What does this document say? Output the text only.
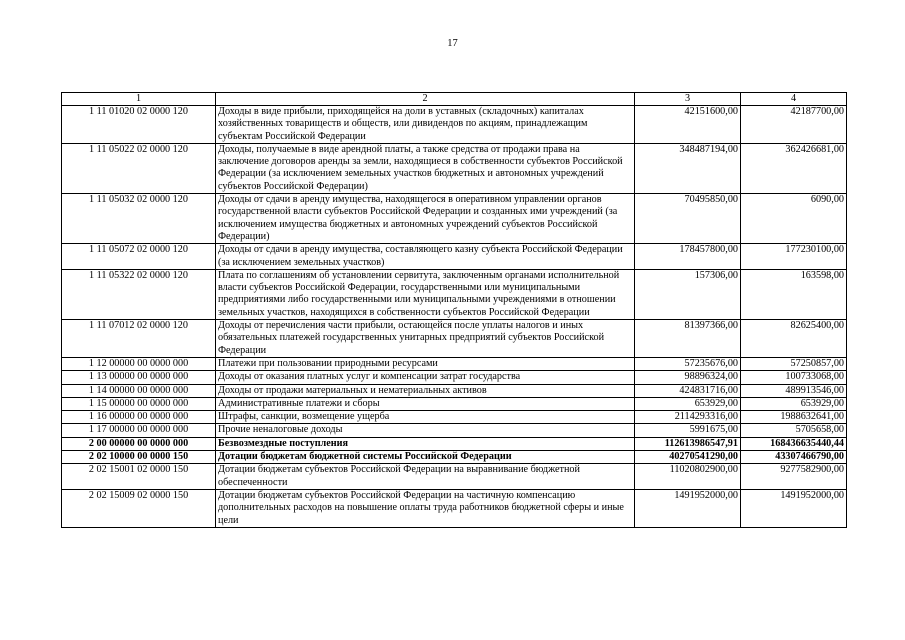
17
1	2	3	4
1 11 01020 02 0000 120	Доходы в виде прибыли, приходящейся на доли в уставных (складочных) капиталах хозяйственных товариществ и обществ, или дивидендов по акциям, принадлежащим субъектам Российской Федерации	42151600,00	42187700,00
1 11 05022 02 0000 120	Доходы, получаемые в виде арендной платы, а также средства от продажи права на заключение договоров аренды за земли, находящиеся в собственности субъектов Российской Федерации (за исключением земельных участков бюджетных и автономных учреждений субъектов Российской Федерации)	348487194,00	362426681,00
1 11 05032 02 0000 120	Доходы от сдачи в аренду имущества, находящегося в оперативном управлении органов государственной власти субъектов Российской Федерации и созданных ими учреждений (за исключением имущества бюджетных и автономных учреждений субъектов Российской Федерации)	70495850,00	6090,00
1 11 05072 02 0000 120	Доходы от сдачи в аренду имущества, составляющего казну субъекта Российской Федерации (за исключением земельных участков)	178457800,00	177230100,00
1 11 05322 02 0000 120	Плата по соглашениям об установлении сервитута, заключенным органами исполнительной власти субъектов Российской Федерации, государственными или муниципальными предприятиями либо государственными или муниципальными учреждениями в отношении земельных участков, находящихся в собственности субъектов Российской Федерации	157306,00	163598,00
1 11 07012 02 0000 120	Доходы от перечисления части прибыли, остающейся после уплаты налогов и иных обязательных платежей государственных унитарных предприятий субъектов Российской Федерации	81397366,00	82625400,00
1 12 00000 00 0000 000	Платежи при пользовании природными ресурсами	57235676,00	57250857,00
1 13 00000 00 0000 000	Доходы от оказания платных услуг и компенсации затрат государства	98896324,00	100733068,00
1 14 00000 00 0000 000	Доходы от продажи материальных и нематериальных активов	424831716,00	489913546,00
1 15 00000 00 0000 000	Административные платежи и сборы	653929,00	653929,00
1 16 00000 00 0000 000	Штрафы, санкции, возмещение ущерба	2114293316,00	1988632641,00
1 17 00000 00 0000 000	Прочие неналоговые доходы	5991675,00	5705658,00
2 00 00000 00 0000 000	Безвозмездные поступления	112613986547,91	168436635440,44
2 02 10000 00 0000 150	Дотации бюджетам бюджетной системы Российской Федерации	40270541290,00	43307466790,00
2 02 15001 02 0000 150	Дотации бюджетам субъектов Российской Федерации на выравнивание бюджетной обеспеченности	11020802900,00	9277582900,00
2 02 15009 02 0000 150	Дотации бюджетам субъектов Российской Федерации на частичную компенсацию дополнительных расходов на повышение оплаты труда работников бюджетной сферы и иные цели	1491952000,00	1491952000,00
